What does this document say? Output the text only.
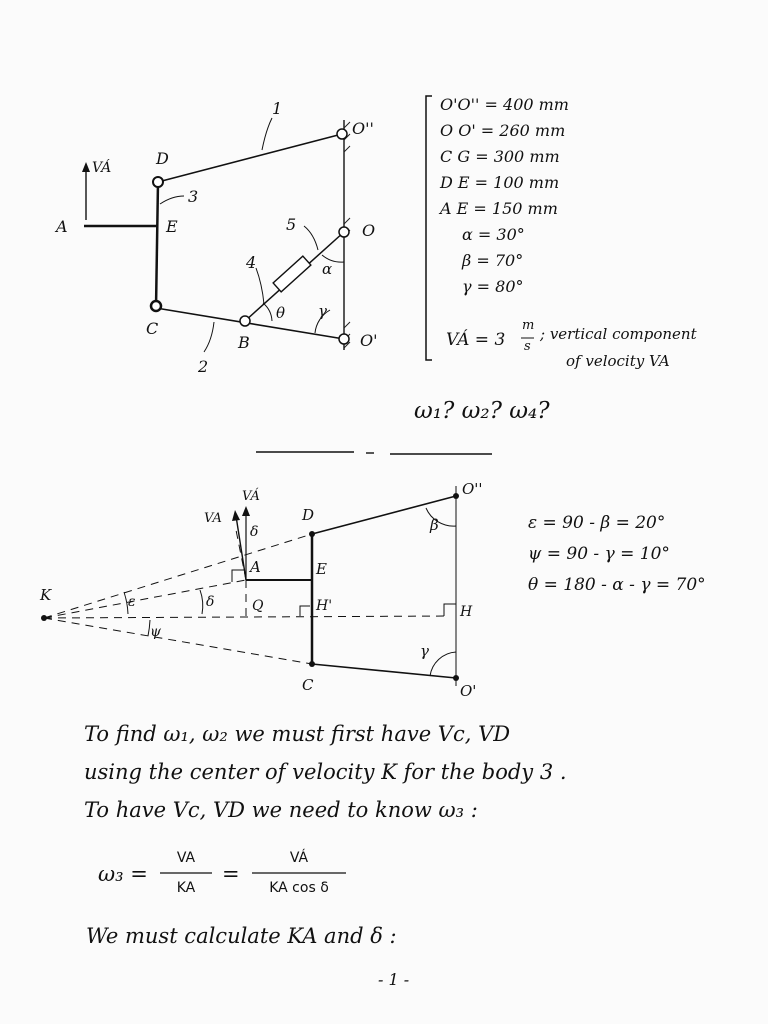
A
D
E
C
B
O
O'
O''
1
2
3
4
5
θ γ
α
VÁ
K
A
D
E
C
Q	H'	H
O'
O''
VA
VÁ
δ
δ
ε
ψ
β
γ
O'O'' = 400 mm
O O' = 260 mm
C G = 300 mm
D E = 100 mm
A E = 150 mm
α = 30°
β = 70°
γ = 80°
VÁ = 3
m
s
; vertical component
of velocity VA
ω₁? ω₂? ω₄?
ε = 90 - β = 20°
ψ = 90 - γ = 10°
θ = 180 - α - γ = 70°
To find ω₁, ω₂ we must first have Vc, VD
using the center of velocity K for the body 3 .
To have Vc, VD we need to know ω₃ :
ω₃ =
VA
KA
=
VÁ
KA cos δ
We must calculate KA and δ :
- 1 -
